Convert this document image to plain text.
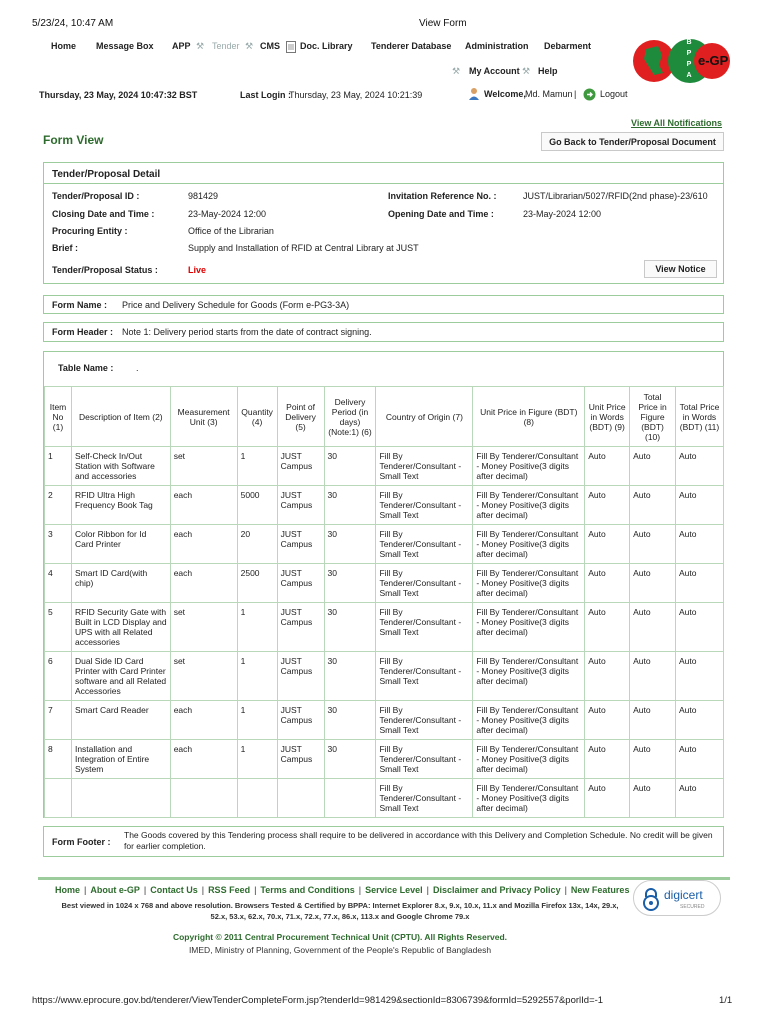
5/23/24, 10:47 AM	View Form
Home Message Box APP ⚒ Tender ⚒ CMS Doc. Library Tenderer Database Administration Debarment
⚒ My Account ⚒ Help
B
P
P
A
e-GP
Thursday, 23 May, 2024 10:47:32 BST	Last Login :
Thursday, 23 May, 2024 10:21:39	Welcome, Md. Mamun |	Logout
View All Notifications
Form View	Go Back to Tender/Proposal Document
Tender/Proposal Detail
Tender/Proposal ID :	981429	Invitation Reference No. :	JUST/Librarian/5027/RFID(2nd phase)-23/610
Closing Date and Time :	23-May-2024 12:00	Opening Date and Time :	23-May-2024 12:00
Procuring Entity :	Office of the Librarian
Brief :	Supply and Installation of RFID at Central Library at JUST
Tender/Proposal Status :	Live	View Notice
Form Name : Price and Delivery Schedule for Goods (Form e-PG3-3A)
Form Header : Note 1: Delivery period starts from the date of contract signing.
Table Name :	.
Item No (1)	Description of Item (2)	Measurement Unit (3)	Quantity (4)	Point of Delivery (5)	Delivery Period (in days) (Note:1) (6)	Country of Origin (7)	Unit Price in Figure (BDT) (8)	Unit Price in Words (BDT) (9)	Total Price in Figure (BDT) (10)	Total Price in Words (BDT) (11)
1	Self-Check In/Out Station with Software and accessories	set	1	JUST Campus	30	Fill By Tenderer/Consultant - Small Text	Fill By Tenderer/Consultant - Money Positive(3 digits after decimal)	Auto	Auto	Auto
2	RFID Ultra High Frequency Book Tag	each	5000	JUST Campus	30	Fill By Tenderer/Consultant - Small Text	Fill By Tenderer/Consultant - Money Positive(3 digits after decimal)	Auto	Auto	Auto
3	Color Ribbon for Id Card Printer	each	20	JUST Campus	30	Fill By Tenderer/Consultant - Small Text	Fill By Tenderer/Consultant - Money Positive(3 digits after decimal)	Auto	Auto	Auto
4	Smart ID Card(with chip)	each	2500	JUST Campus	30	Fill By Tenderer/Consultant - Small Text	Fill By Tenderer/Consultant - Money Positive(3 digits after decimal)	Auto	Auto	Auto
5	RFID Security Gate with Built in LCD Display and UPS with all Related accessories	set	1	JUST Campus	30	Fill By Tenderer/Consultant - Small Text	Fill By Tenderer/Consultant - Money Positive(3 digits after decimal)	Auto	Auto	Auto
6	Dual Side ID Card Printer with Card Printer software and all Related Accessories	set	1	JUST Campus	30	Fill By Tenderer/Consultant - Small Text	Fill By Tenderer/Consultant - Money Positive(3 digits after decimal)	Auto	Auto	Auto
7	Smart Card Reader	each	1	JUST Campus	30	Fill By Tenderer/Consultant - Small Text	Fill By Tenderer/Consultant - Money Positive(3 digits after decimal)	Auto	Auto	Auto
8	Installation and Integration of Entire System	each	1	JUST Campus	30	Fill By Tenderer/Consultant - Small Text	Fill By Tenderer/Consultant - Money Positive(3 digits after decimal)	Auto	Auto	Auto
						Fill By Tenderer/Consultant - Small Text	Fill By Tenderer/Consultant - Money Positive(3 digits after decimal)	Auto	Auto	Auto
Form Footer :
The Goods covered by this Tendering process shall require to be delivered in accordance with this Delivery and Completion Schedule. No credit will be given for earlier completion.
Home | About e-GP | Contact Us | RSS Feed | Terms and Conditions | Service Level | Disclaimer and Privacy Policy | New Features
Best viewed in 1024 x 768 and above resolution. Browsers Tested & Certified by BPPA: Internet Explorer 8.x, 9.x, 10.x, 11.x and Mozilla Firefox 13x, 14x, 29.x,
52.x, 53.x, 62.x, 70.x, 71.x, 72.x, 77.x, 86.x, 113.x and Google Chrome 79.x
Copyright © 2011 Central Procurement Technical Unit (CPTU). All Rights Reserved.
IMED, Ministry of Planning, Government of the People's Republic of Bangladesh
digicert
SECURED
https://www.eprocure.gov.bd/tenderer/ViewTenderCompleteForm.jsp?tenderId=981429&sectionId=8306739&formId=5292557&porlId=-1	1/1
